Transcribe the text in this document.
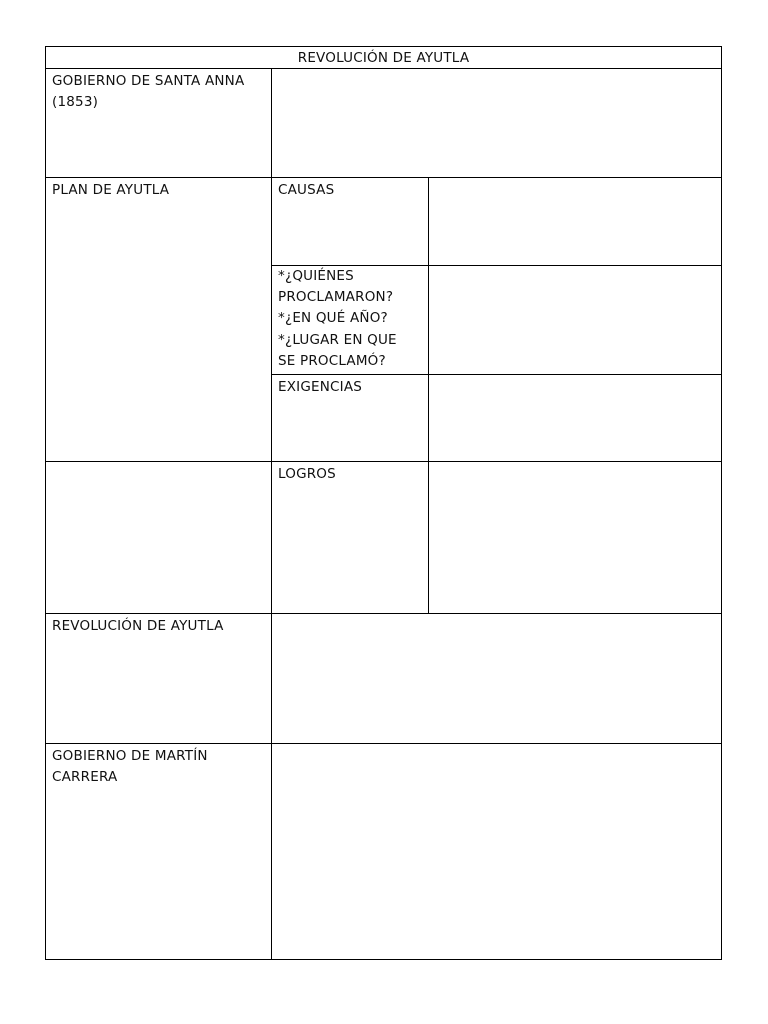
REVOLUCIÓN DE AYUTLA
GOBIERNO DE SANTA ANNA (1853)
PLAN DE AYUTLA	CAUSAS
*¿QUIÉNES
PROCLAMARON?
*¿EN QUÉ AÑO?
*¿LUGAR EN QUE
SE PROCLAMÓ?
EXIGENCIAS
LOGROS
REVOLUCIÓN DE AYUTLA
GOBIERNO DE MARTÍN CARRERA
